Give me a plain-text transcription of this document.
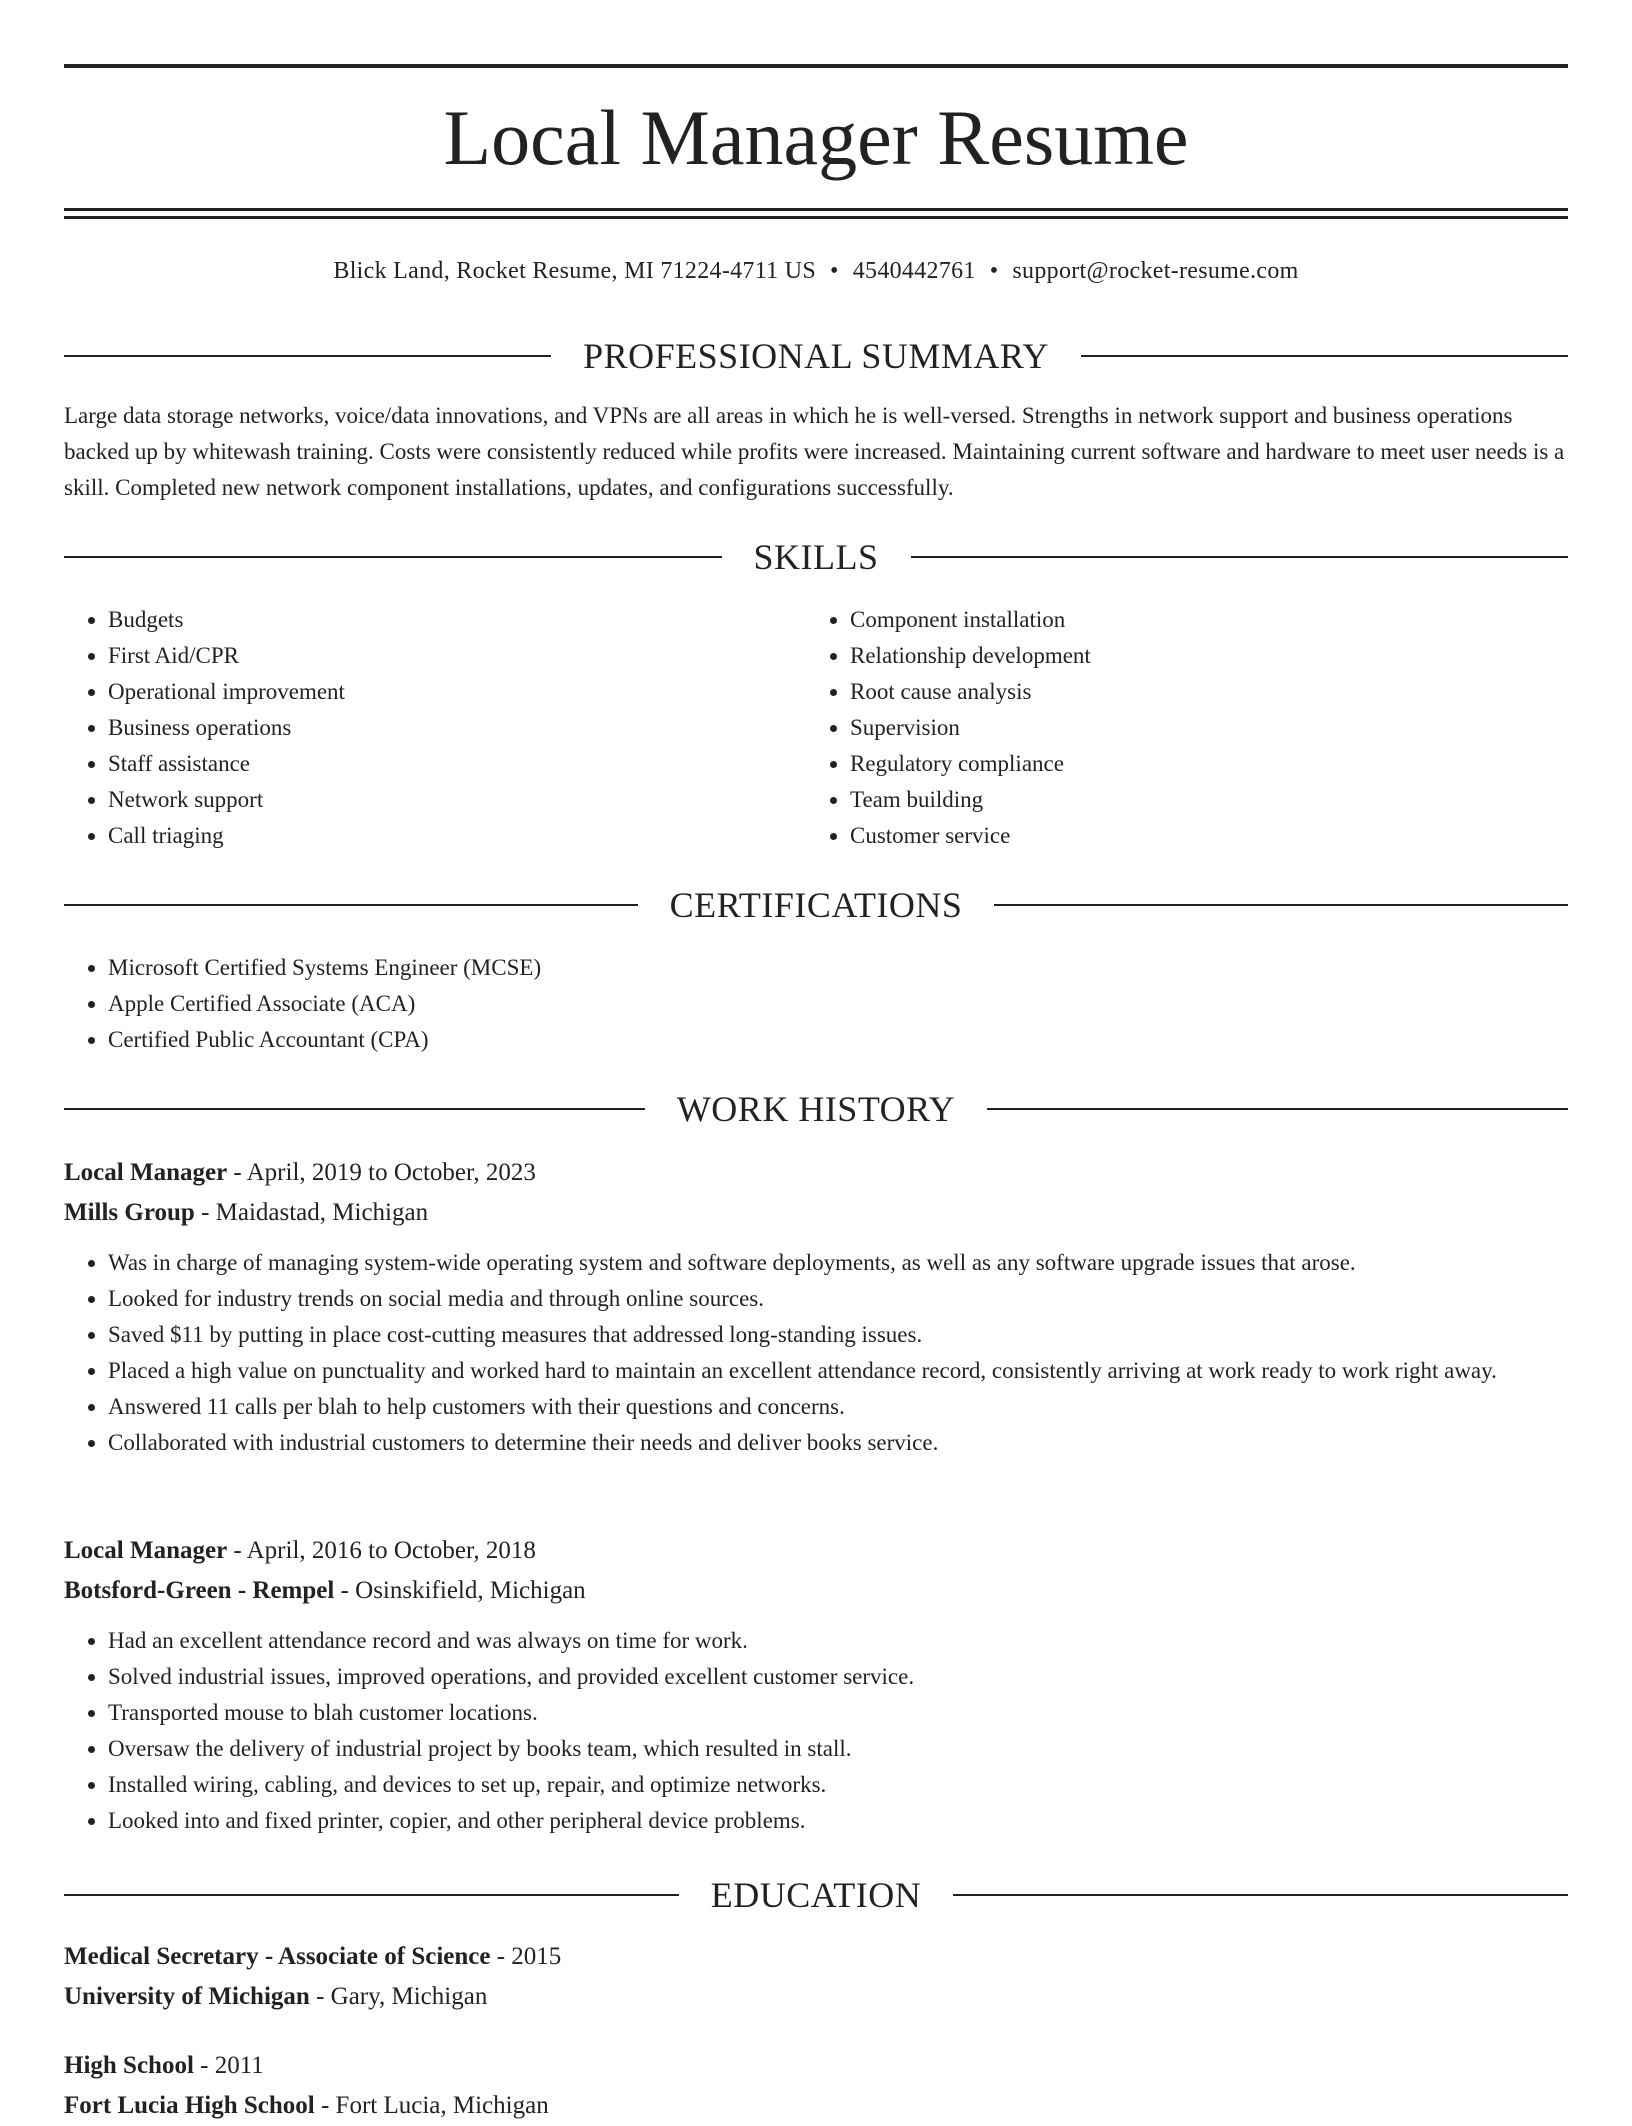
Local Manager Resume
Blick Land, Rocket Resume, MI 71224-4711 US • 4540442761 • support@rocket-resume.com
PROFESSIONAL SUMMARY

Large data storage networks, voice/data innovations, and VPNs are all areas in which he is well-versed. Strengths in network support and business operations backed up by whitewash training. Costs were consistently reduced while profits were increased. Maintaining current software and hardware to meet user needs is a skill. Completed new network component installations, updates, and configurations successfully.

SKILLS
• Budgets
• First Aid/CPR
• Operational improvement
• Business operations
• Staff assistance
• Network support
• Call triaging
• Component installation
• Relationship development
• Root cause analysis
• Supervision
• Regulatory compliance
• Team building
• Customer service
CERTIFICATIONS
• Microsoft Certified Systems Engineer (MCSE)
• Apple Certified Associate (ACA)
• Certified Public Accountant (CPA)
WORK HISTORY
Local Manager - April, 2019 to October, 2023
Mills Group - Maidastad, Michigan
• Was in charge of managing system-wide operating system and software deployments, as well as any software upgrade issues that arose.
• Looked for industry trends on social media and through online sources.
• Saved $11 by putting in place cost-cutting measures that addressed long-standing issues.
• Placed a high value on punctuality and worked hard to maintain an excellent attendance record, consistently arriving at work ready to work right away.
• Answered 11 calls per blah to help customers with their questions and concerns.
• Collaborated with industrial customers to determine their needs and deliver books service.
Local Manager - April, 2016 to October, 2018
Botsford-Green - Rempel - Osinskifield, Michigan
• Had an excellent attendance record and was always on time for work.
• Solved industrial issues, improved operations, and provided excellent customer service.
• Transported mouse to blah customer locations.
• Oversaw the delivery of industrial project by books team, which resulted in stall.
• Installed wiring, cabling, and devices to set up, repair, and optimize networks.
• Looked into and fixed printer, copier, and other peripheral device problems.
EDUCATION
Medical Secretary - Associate of Science - 2015
University of Michigan - Gary, Michigan
High School - 2011
Fort Lucia High School - Fort Lucia, Michigan
